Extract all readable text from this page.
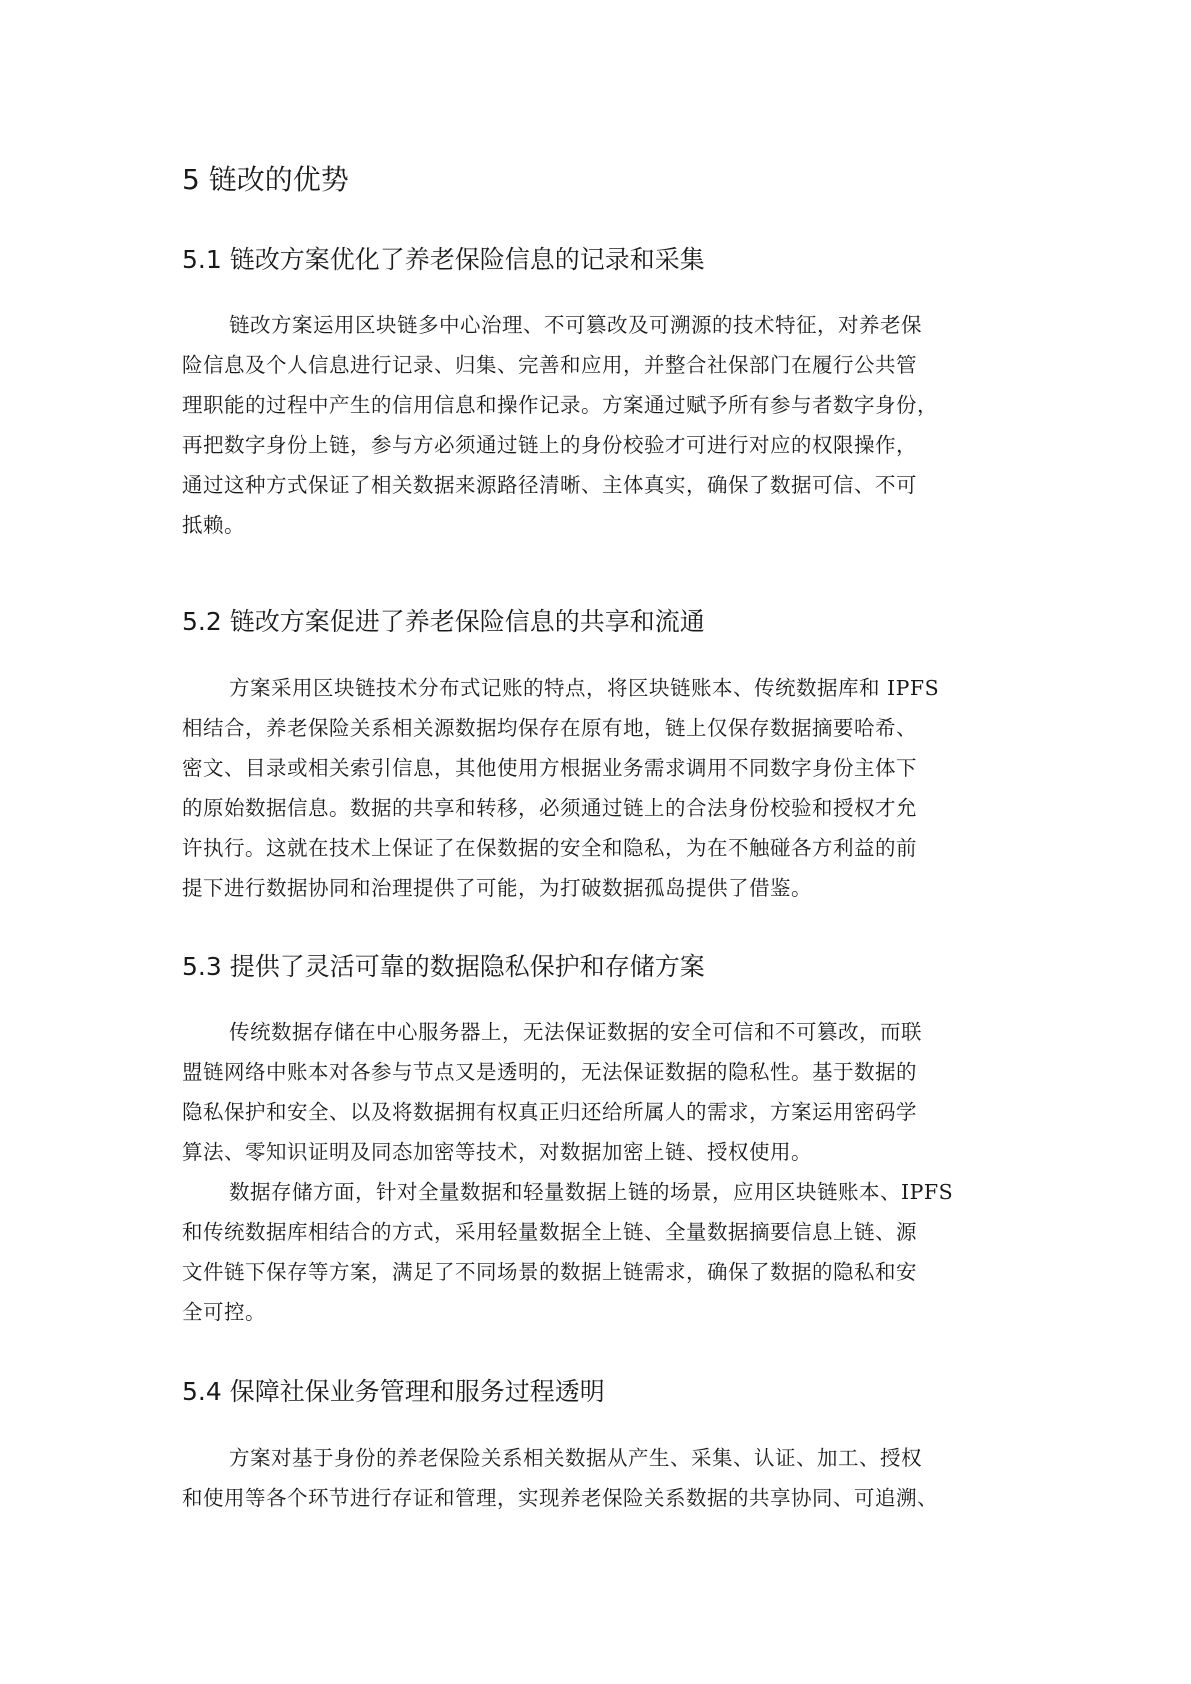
5 链改的优势
5.1 链改方案优化了养老保险信息的记录和采集

链改方案运用区块链多中心治理、不可篡改及可溯源的技术特征，对养老保
险信息及个人信息进行记录、归集、完善和应用，并整合社保部门在履行公共管
理职能的过程中产生的信用信息和操作记录。方案通过赋予所有参与者数字身份，
再把数字身份上链，参与方必须通过链上的身份校验才可进行对应的权限操作，
通过这种方式保证了相关数据来源路径清晰、主体真实，确保了数据可信、不可
抵赖。

5.2 链改方案促进了养老保险信息的共享和流通

方案采用区块链技术分布式记账的特点，将区块链账本、传统数据库和 IPFS
相结合，养老保险关系相关源数据均保存在原有地，链上仅保存数据摘要哈希、
密文、目录或相关索引信息，其他使用方根据业务需求调用不同数字身份主体下
的原始数据信息。数据的共享和转移，必须通过链上的合法身份校验和授权才允
许执行。这就在技术上保证了在保数据的安全和隐私，为在不触碰各方利益的前
提下进行数据协同和治理提供了可能，为打破数据孤岛提供了借鉴。

5.3 提供了灵活可靠的数据隐私保护和存储方案

传统数据存储在中心服务器上，无法保证数据的安全可信和不可篡改，而联
盟链网络中账本对各参与节点又是透明的，无法保证数据的隐私性。基于数据的
隐私保护和安全、以及将数据拥有权真正归还给所属人的需求，方案运用密码学
算法、零知识证明及同态加密等技术，对数据加密上链、授权使用。

数据存储方面，针对全量数据和轻量数据上链的场景，应用区块链账本、IPFS
和传统数据库相结合的方式，采用轻量数据全上链、全量数据摘要信息上链、源
文件链下保存等方案，满足了不同场景的数据上链需求，确保了数据的隐私和安
全可控。

5.4 保障社保业务管理和服务过程透明

方案对基于身份的养老保险关系相关数据从产生、采集、认证、加工、授权
和使用等各个环节进行存证和管理，实现养老保险关系数据的共享协同、可追溯、
